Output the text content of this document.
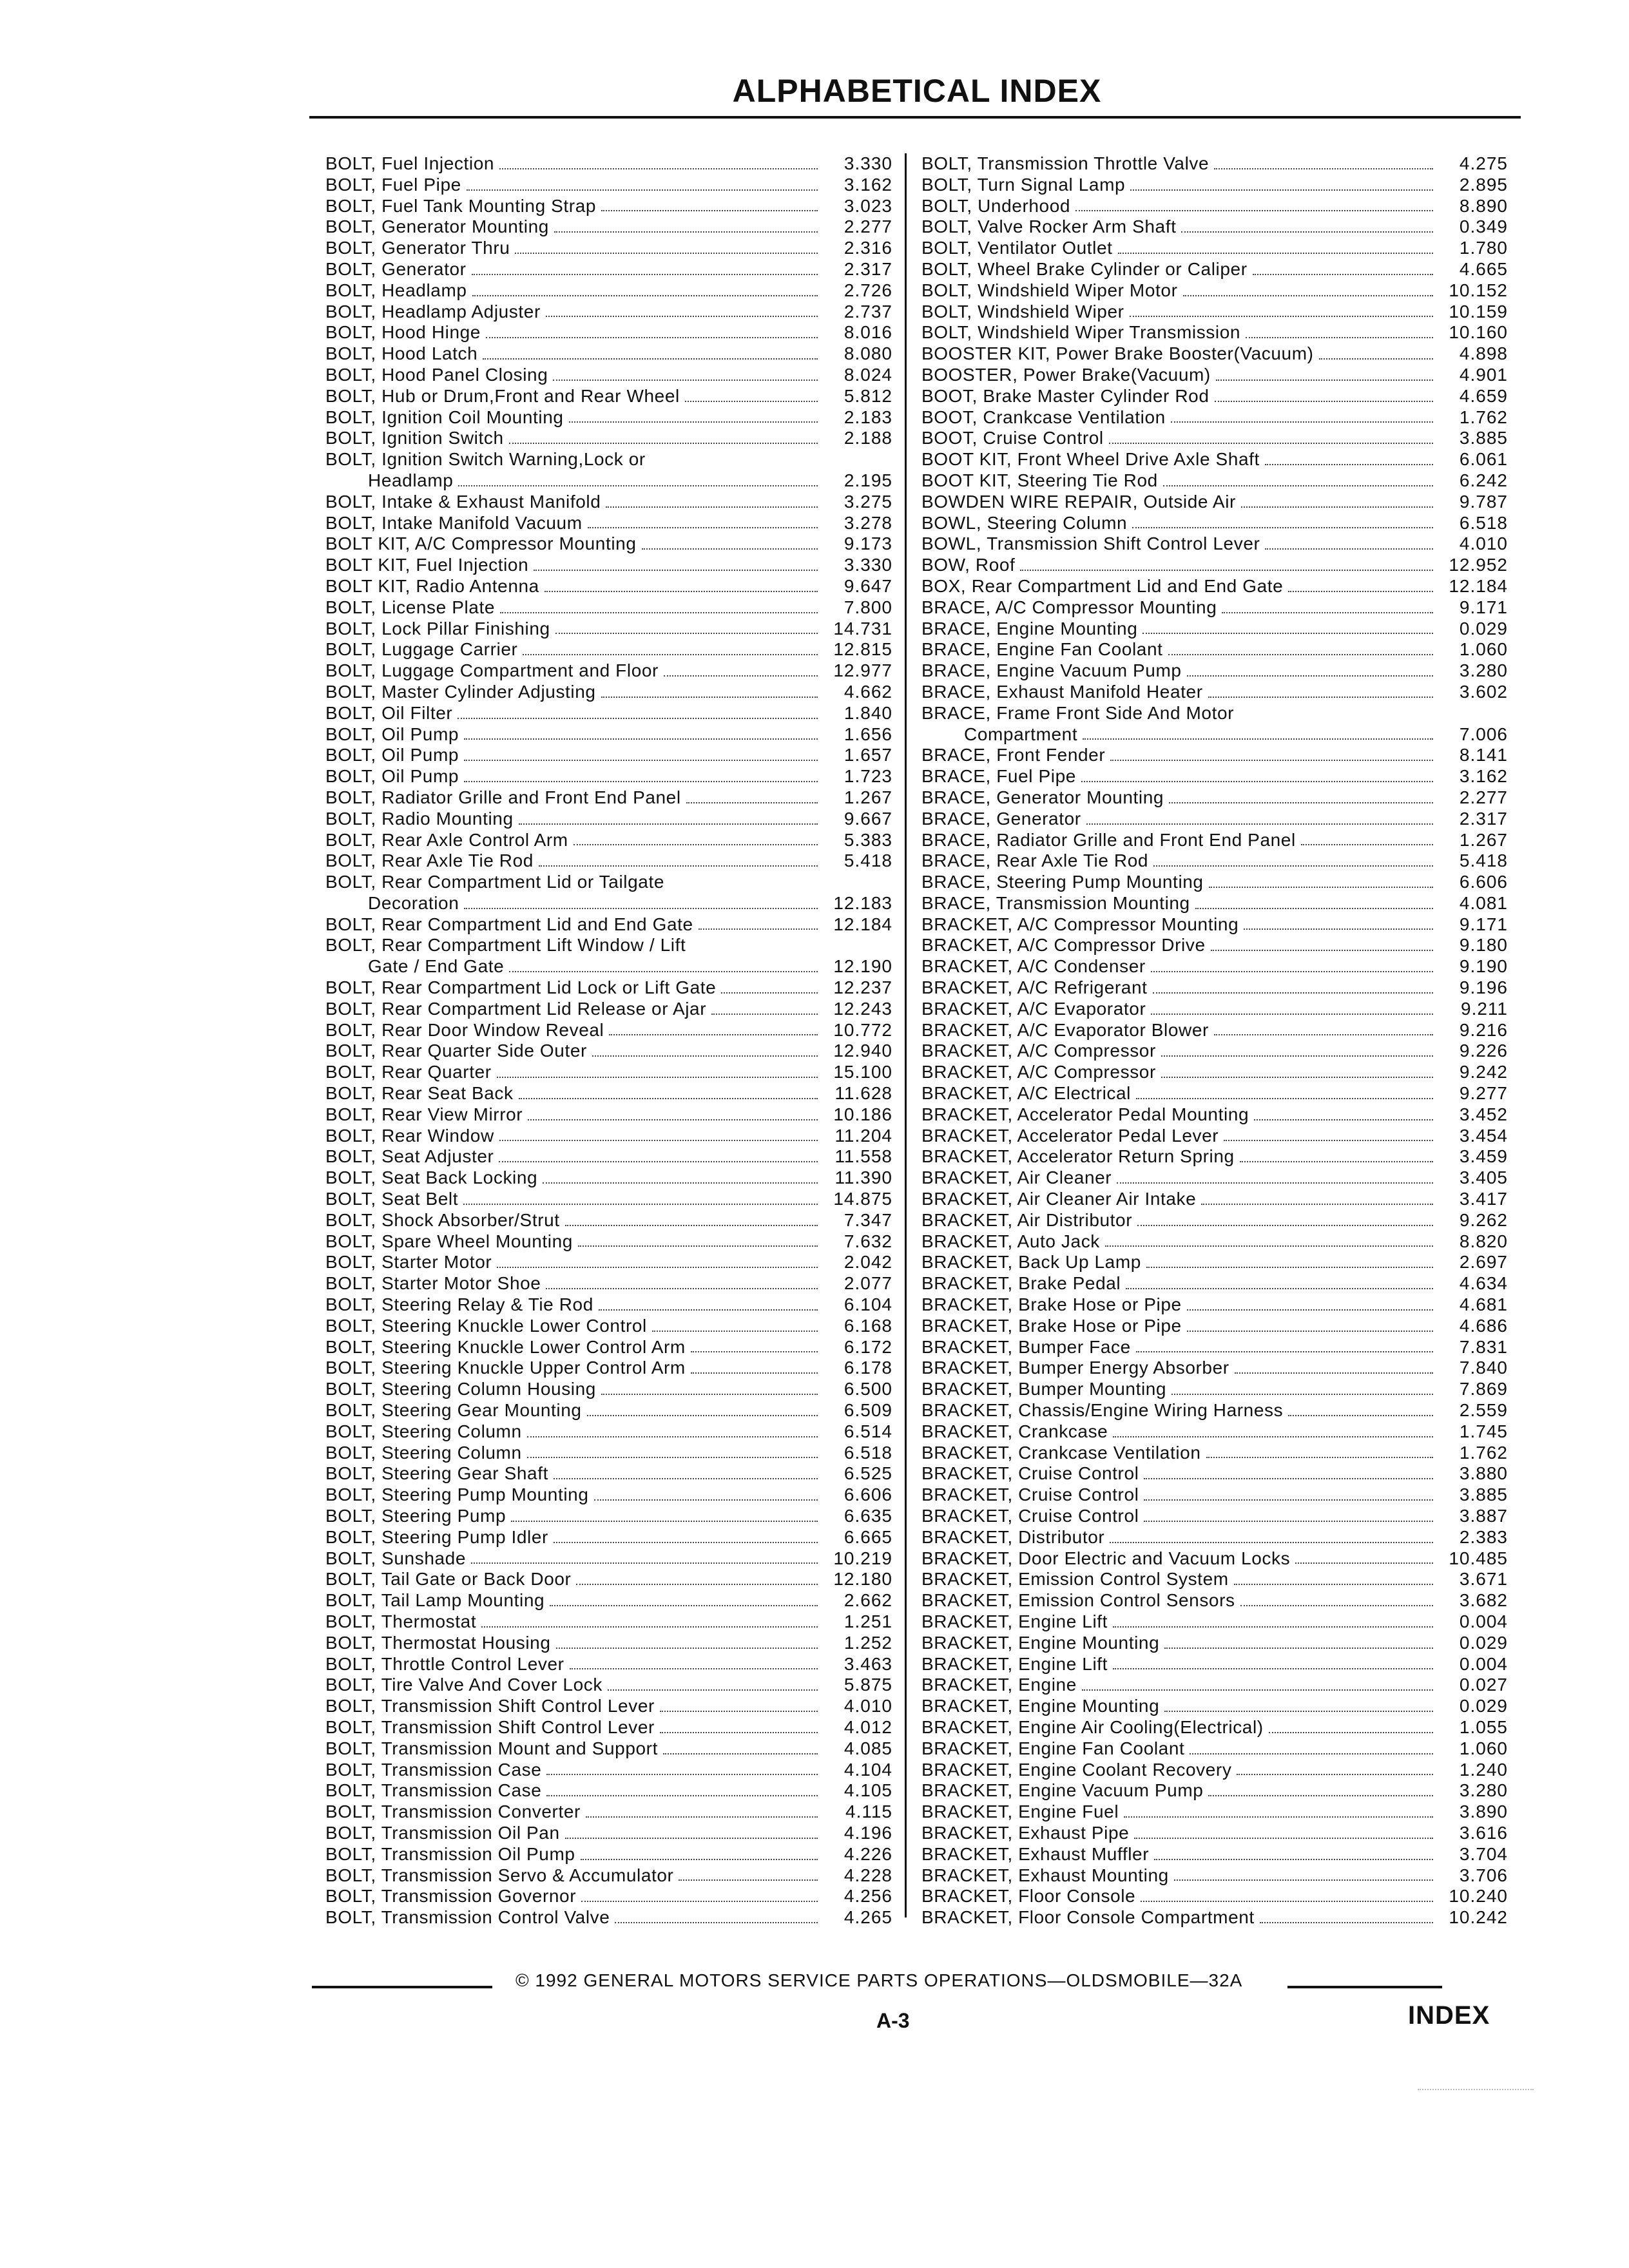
ALPHABETICAL INDEX
BOLT, Fuel Injection	3.330
BOLT, Fuel Pipe	3.162
BOLT, Fuel Tank Mounting Strap	3.023
BOLT, Generator Mounting	2.277
BOLT, Generator Thru	2.316
BOLT, Generator	2.317
BOLT, Headlamp	2.726
BOLT, Headlamp Adjuster	2.737
BOLT, Hood Hinge	8.016
BOLT, Hood Latch	8.080
BOLT, Hood Panel Closing	8.024
BOLT, Hub or Drum,Front and Rear Wheel	5.812
BOLT, Ignition Coil Mounting	2.183
BOLT, Ignition Switch	2.188
BOLT, Ignition Switch Warning,Lock or
Headlamp	2.195
BOLT, Intake & Exhaust Manifold	3.275
BOLT, Intake Manifold Vacuum	3.278
BOLT KIT, A/C Compressor Mounting	9.173
BOLT KIT, Fuel Injection	3.330
BOLT KIT, Radio Antenna	9.647
BOLT, License Plate	7.800
BOLT, Lock Pillar Finishing	14.731
BOLT, Luggage Carrier	12.815
BOLT, Luggage Compartment and Floor	12.977
BOLT, Master Cylinder Adjusting	4.662
BOLT, Oil Filter	1.840
BOLT, Oil Pump	1.656
BOLT, Oil Pump	1.657
BOLT, Oil Pump	1.723
BOLT, Radiator Grille and Front End Panel	1.267
BOLT, Radio Mounting	9.667
BOLT, Rear Axle Control Arm	5.383
BOLT, Rear Axle Tie Rod	5.418
BOLT, Rear Compartment Lid or Tailgate
Decoration	12.183
BOLT, Rear Compartment Lid and End Gate	12.184
BOLT, Rear Compartment Lift Window / Lift
Gate / End Gate	12.190
BOLT, Rear Compartment Lid Lock or Lift Gate	12.237
BOLT, Rear Compartment Lid Release or Ajar	12.243
BOLT, Rear Door Window Reveal	10.772
BOLT, Rear Quarter Side Outer	12.940
BOLT, Rear Quarter	15.100
BOLT, Rear Seat Back	11.628
BOLT, Rear View Mirror	10.186
BOLT, Rear Window	11.204
BOLT, Seat Adjuster	11.558
BOLT, Seat Back Locking	11.390
BOLT, Seat Belt	14.875
BOLT, Shock Absorber/Strut	7.347
BOLT, Spare Wheel Mounting	7.632
BOLT, Starter Motor	2.042
BOLT, Starter Motor Shoe	2.077
BOLT, Steering Relay & Tie Rod	6.104
BOLT, Steering Knuckle Lower Control	6.168
BOLT, Steering Knuckle Lower Control Arm	6.172
BOLT, Steering Knuckle Upper Control Arm	6.178
BOLT, Steering Column Housing	6.500
BOLT, Steering Gear Mounting	6.509
BOLT, Steering Column	6.514
BOLT, Steering Column	6.518
BOLT, Steering Gear Shaft	6.525
BOLT, Steering Pump Mounting	6.606
BOLT, Steering Pump	6.635
BOLT, Steering Pump Idler	6.665
BOLT, Sunshade	10.219
BOLT, Tail Gate or Back Door	12.180
BOLT, Tail Lamp Mounting	2.662
BOLT, Thermostat	1.251
BOLT, Thermostat Housing	1.252
BOLT, Throttle Control Lever	3.463
BOLT, Tire Valve And Cover Lock	5.875
BOLT, Transmission Shift Control Lever	4.010
BOLT, Transmission Shift Control Lever	4.012
BOLT, Transmission Mount and Support	4.085
BOLT, Transmission Case	4.104
BOLT, Transmission Case	4.105
BOLT, Transmission Converter	4.115
BOLT, Transmission Oil Pan	4.196
BOLT, Transmission Oil Pump	4.226
BOLT, Transmission Servo & Accumulator	4.228
BOLT, Transmission Governor	4.256
BOLT, Transmission Control Valve	4.265
BOLT, Transmission Throttle Valve	4.275
BOLT, Turn Signal Lamp	2.895
BOLT, Underhood	8.890
BOLT, Valve Rocker Arm Shaft	0.349
BOLT, Ventilator Outlet	1.780
BOLT, Wheel Brake Cylinder or Caliper	4.665
BOLT, Windshield Wiper Motor	10.152
BOLT, Windshield Wiper	10.159
BOLT, Windshield Wiper Transmission	10.160
BOOSTER KIT, Power Brake Booster(Vacuum)	4.898
BOOSTER, Power Brake(Vacuum)	4.901
BOOT, Brake Master Cylinder Rod	4.659
BOOT, Crankcase Ventilation	1.762
BOOT, Cruise Control	3.885
BOOT KIT, Front Wheel Drive Axle Shaft	6.061
BOOT KIT, Steering Tie Rod	6.242
BOWDEN WIRE REPAIR, Outside Air	9.787
BOWL, Steering Column	6.518
BOWL, Transmission Shift Control Lever	4.010
BOW, Roof	12.952
BOX, Rear Compartment Lid and End Gate	12.184
BRACE, A/C Compressor Mounting	9.171
BRACE, Engine Mounting	0.029
BRACE, Engine Fan Coolant	1.060
BRACE, Engine Vacuum Pump	3.280
BRACE, Exhaust Manifold Heater	3.602
BRACE, Frame Front Side And Motor
Compartment	7.006
BRACE, Front Fender	8.141
BRACE, Fuel Pipe	3.162
BRACE, Generator Mounting	2.277
BRACE, Generator	2.317
BRACE, Radiator Grille and Front End Panel	1.267
BRACE, Rear Axle Tie Rod	5.418
BRACE, Steering Pump Mounting	6.606
BRACE, Transmission Mounting	4.081
BRACKET, A/C Compressor Mounting	9.171
BRACKET, A/C Compressor Drive	9.180
BRACKET, A/C Condenser	9.190
BRACKET, A/C Refrigerant	9.196
BRACKET, A/C Evaporator	9.211
BRACKET, A/C Evaporator Blower	9.216
BRACKET, A/C Compressor	9.226
BRACKET, A/C Compressor	9.242
BRACKET, A/C Electrical	9.277
BRACKET, Accelerator Pedal Mounting	3.452
BRACKET, Accelerator Pedal Lever	3.454
BRACKET, Accelerator Return Spring	3.459
BRACKET, Air Cleaner	3.405
BRACKET, Air Cleaner Air Intake	3.417
BRACKET, Air Distributor	9.262
BRACKET, Auto Jack	8.820
BRACKET, Back Up Lamp	2.697
BRACKET, Brake Pedal	4.634
BRACKET, Brake Hose or Pipe	4.681
BRACKET, Brake Hose or Pipe	4.686
BRACKET, Bumper Face	7.831
BRACKET, Bumper Energy Absorber	7.840
BRACKET, Bumper Mounting	7.869
BRACKET, Chassis/Engine Wiring Harness	2.559
BRACKET, Crankcase	1.745
BRACKET, Crankcase Ventilation	1.762
BRACKET, Cruise Control	3.880
BRACKET, Cruise Control	3.885
BRACKET, Cruise Control	3.887
BRACKET, Distributor	2.383
BRACKET, Door Electric and Vacuum Locks	10.485
BRACKET, Emission Control System	3.671
BRACKET, Emission Control Sensors	3.682
BRACKET, Engine Lift	0.004
BRACKET, Engine Mounting	0.029
BRACKET, Engine Lift	0.004
BRACKET, Engine	0.027
BRACKET, Engine Mounting	0.029
BRACKET, Engine Air Cooling(Electrical)	1.055
BRACKET, Engine Fan Coolant	1.060
BRACKET, Engine Coolant Recovery	1.240
BRACKET, Engine Vacuum Pump	3.280
BRACKET, Engine Fuel	3.890
BRACKET, Exhaust Pipe	3.616
BRACKET, Exhaust Muffler	3.704
BRACKET, Exhaust Mounting	3.706
BRACKET, Floor Console	10.240
BRACKET, Floor Console Compartment	10.242
© 1992 GENERAL MOTORS SERVICE PARTS OPERATIONS—OLDSMOBILE—32A
A-3	INDEX
